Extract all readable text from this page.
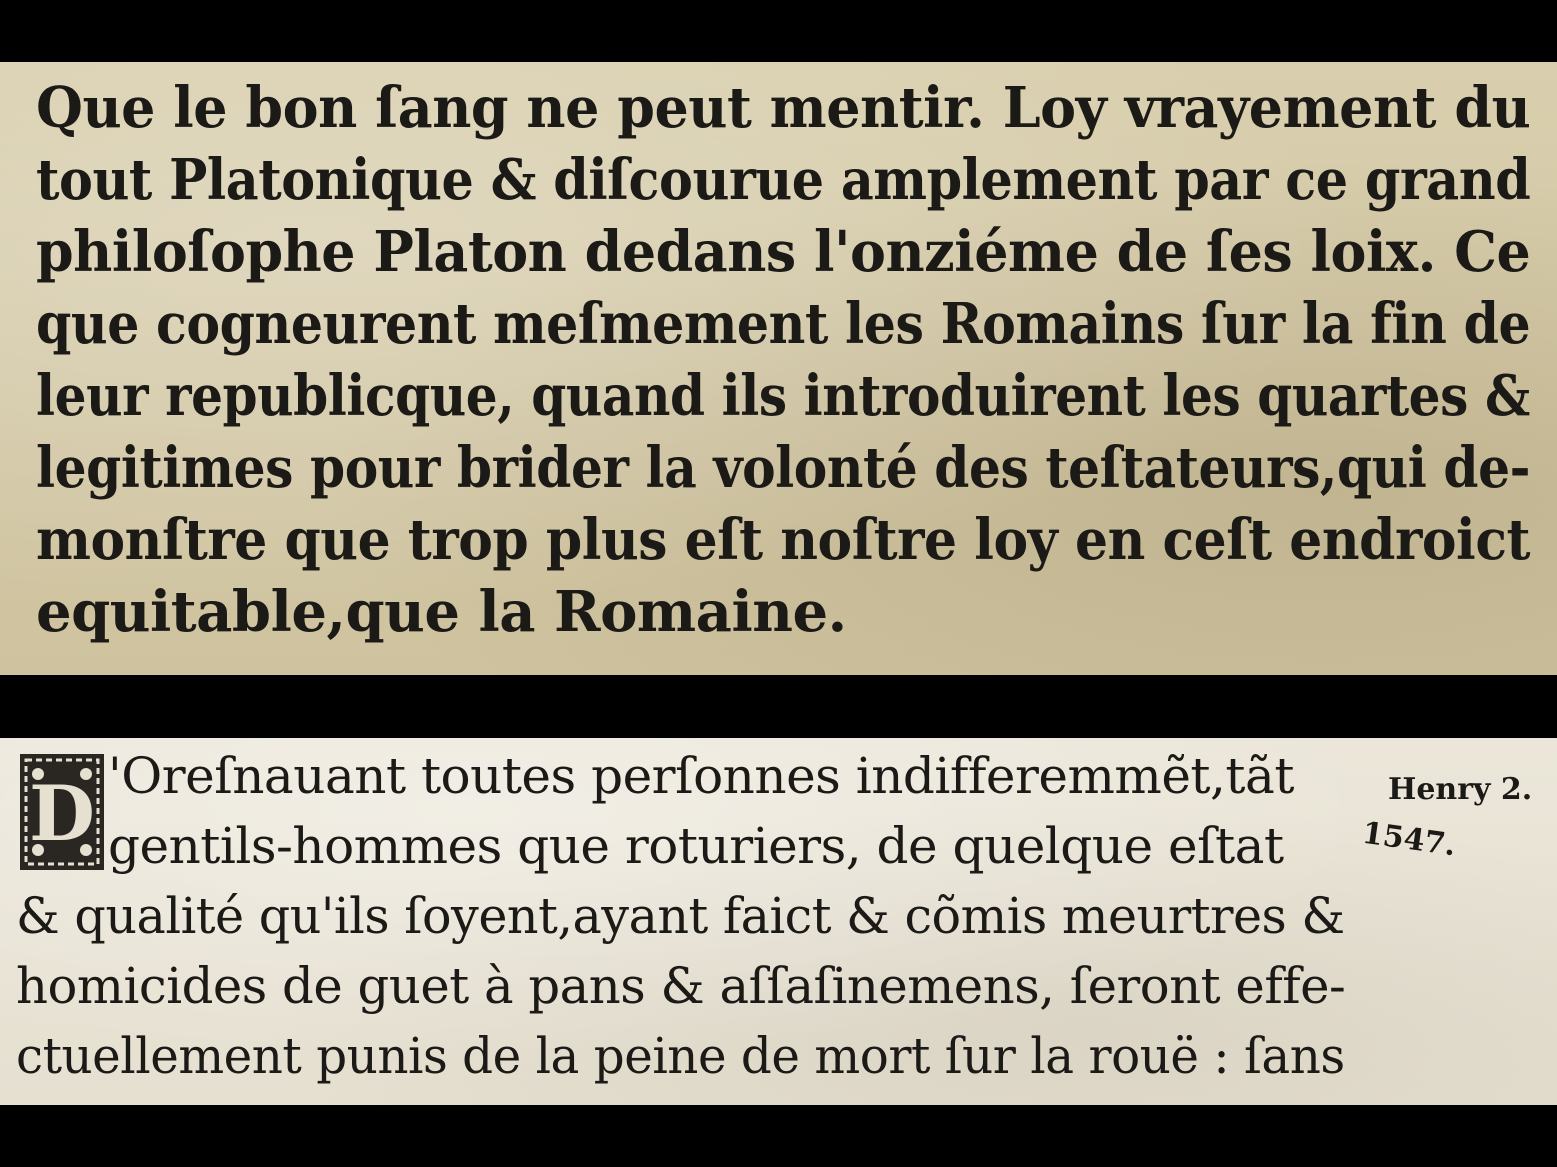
Que le bon ſang ne peut mentir. Loy vrayement du
tout Platonique & diſcourue amplement par ce grand
philoſophe Platon dedans l'onziéme de ſes loix. Ce
que cogneurent meſmement les Romains ſur la fin de
leur republicque, quand ils introduirent les quartes &
legitimes pour brider la volonté des teſtateurs,qui de-
monſtre que trop plus eſt noſtre loy en ceſt endroict
equitable,que la Romaine.
D 'Oreſnauant toutes perſonnes indifferemmẽt,tãt
gentils-hommes que roturiers, de quelque eſtat
& qualité qu'ils ſoyent,ayant faict & cõmis meurtres &
homicides de guet à pans & aſſaſinemens, ſeront effe-
ctuellement punis de la peine de mort ſur la rouë : ſans
Henry 2.
1547.
